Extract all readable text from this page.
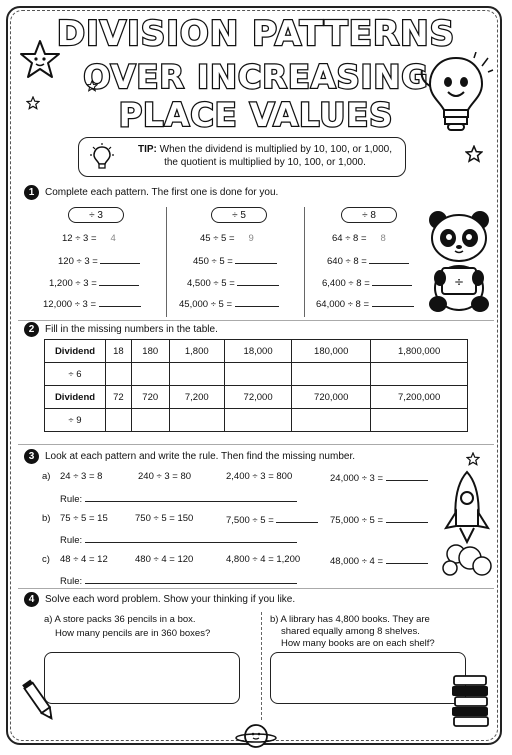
DIVISION PATTERNS
OVER INCREASING
PLACE VALUES
TIP: When the dividend is multiplied by 10, 100, or 1,000,
the quotient is multiplied by 10, 100, or 1,000.
1	Complete each pattern. The first one is done for you.
÷ 3	÷ 5	÷ 8
12 ÷ 3 = 4
120 ÷ 3 =
1,200 ÷ 3 =
12,000 ÷ 3 =
45 ÷ 5 = 9
450 ÷ 5 =
4,500 ÷ 5 =
45,000 ÷ 5 =
64 ÷ 8 = 8
640 ÷ 8 =
6,400 ÷ 8 =
64,000 ÷ 8 =
÷
2	Fill in the missing numbers in the table.
Dividend	18	180	1,800	18,000	180,000	1,800,000
÷ 6						
Dividend	72	720	7,200	72,000	720,000	7,200,000
÷ 9						
3	Look at each pattern and write the rule. Then find the missing number.
a) 24 ÷ 3 = 8	240 ÷ 3 = 80	2,400 ÷ 3 = 800	24,000 ÷ 3 =
Rule:
b) 75 ÷ 5 = 15	750 ÷ 5 = 150	7,500 ÷ 5 =	75,000 ÷ 5 =
Rule:
c) 48 ÷ 4 = 12	480 ÷ 4 = 120	4,800 ÷ 4 = 1,200	48,000 ÷ 4 =
Rule:
4	Solve each word problem. Show your thinking if you like.
a) A store packs 36 pencils in a box.
How many pencils are in 360 boxes?
b) A library has 4,800 books. They are
shared equally among 8 shelves.
How many books are on each shelf?
